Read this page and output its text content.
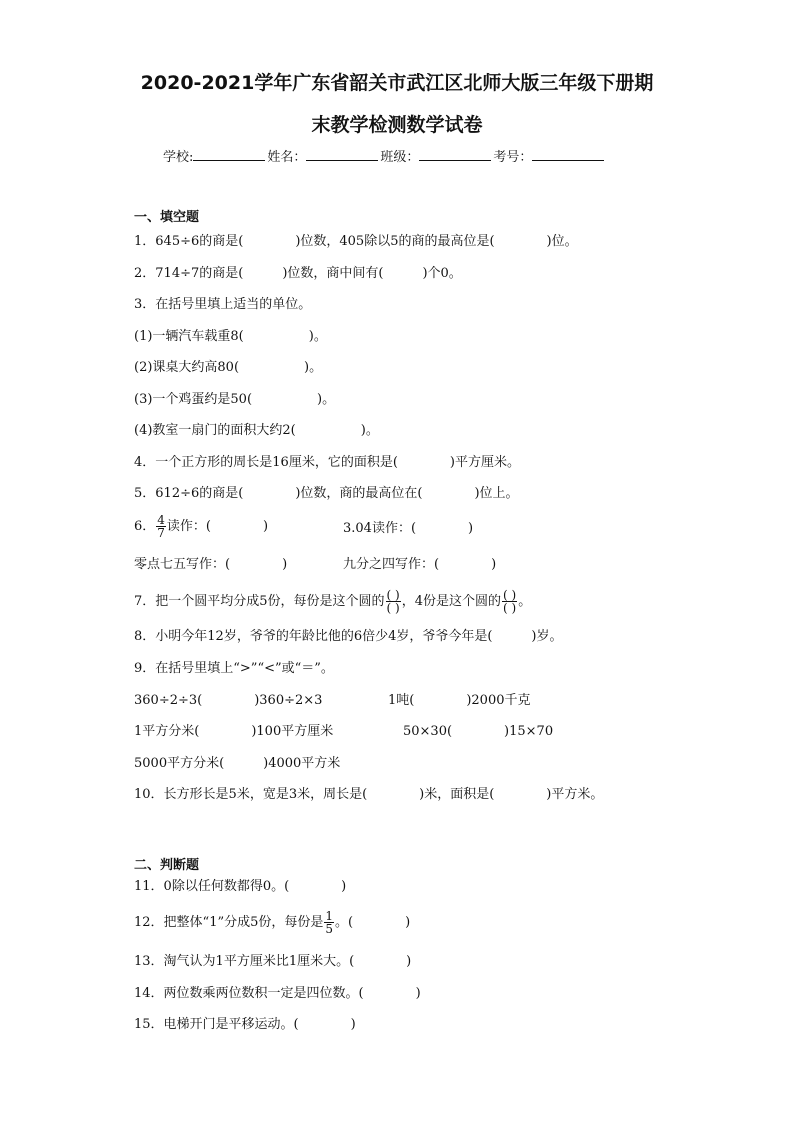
2020-2021学年广东省韶关市武江区北师大版三年级下册期
末教学检测数学试卷
学校:	姓名：	班级：	考号：
一、填空题
1．645÷6的商是(　　　　)位数，405除以5的商的最高位是(　　　　)位。
2．714÷7的商是(　　　)位数，商中间有(　　　)个0。
3．在括号里填上适当的单位。
(1)一辆汽车载重8(　　　　　)。
(2)课桌大约高80(　　　　　)。
(3)一个鸡蛋约是50(　　　　　)。
(4)教室一扇门的面积大约2(　　　　　)。
4．一个正方形的周长是16厘米，它的面积是(　　　　)平方厘米。
5．612÷6的商是(　　　　)位数，商的最高位在(　　　　)位上。
6． $\frac{4}{7}$ 读作：(　　　　)	3.04读作：(　　　　)
零点七五写作：(　　　　)	九分之四写作：(　　　　)
7．把一个圆平均分成5份，每份是这个圆的 $\frac{( )}{( )}$ ，4份是这个圆的 $\frac{( )}{( )}$ 。
8．小明今年12岁，爷爷的年龄比他的6倍少4岁，爷爷今年是(　　　)岁。
9．在括号里填上“>”“<”或“＝”。
360÷2÷3(　　　　)360÷2×3	1吨(　　　　)2000千克
1平方分米(　　　　)100平方厘米	50×30(　　　　)15×70
5000平方分米(　　　)4000平方米
10．长方形长是5米，宽是3米，周长是(　　　　)米，面积是(　　　　)平方米。
二、判断题
11．0除以任何数都得0。(　　　　)
12．把整体“1”分成5份，每份是 $\frac{1}{5}$ 。(　　　　)
13．淘气认为1平方厘米比1厘米大。(　　　　)
14．两位数乘两位数积一定是四位数。(　　　　)
15．电梯开门是平移运动。(　　　　)
